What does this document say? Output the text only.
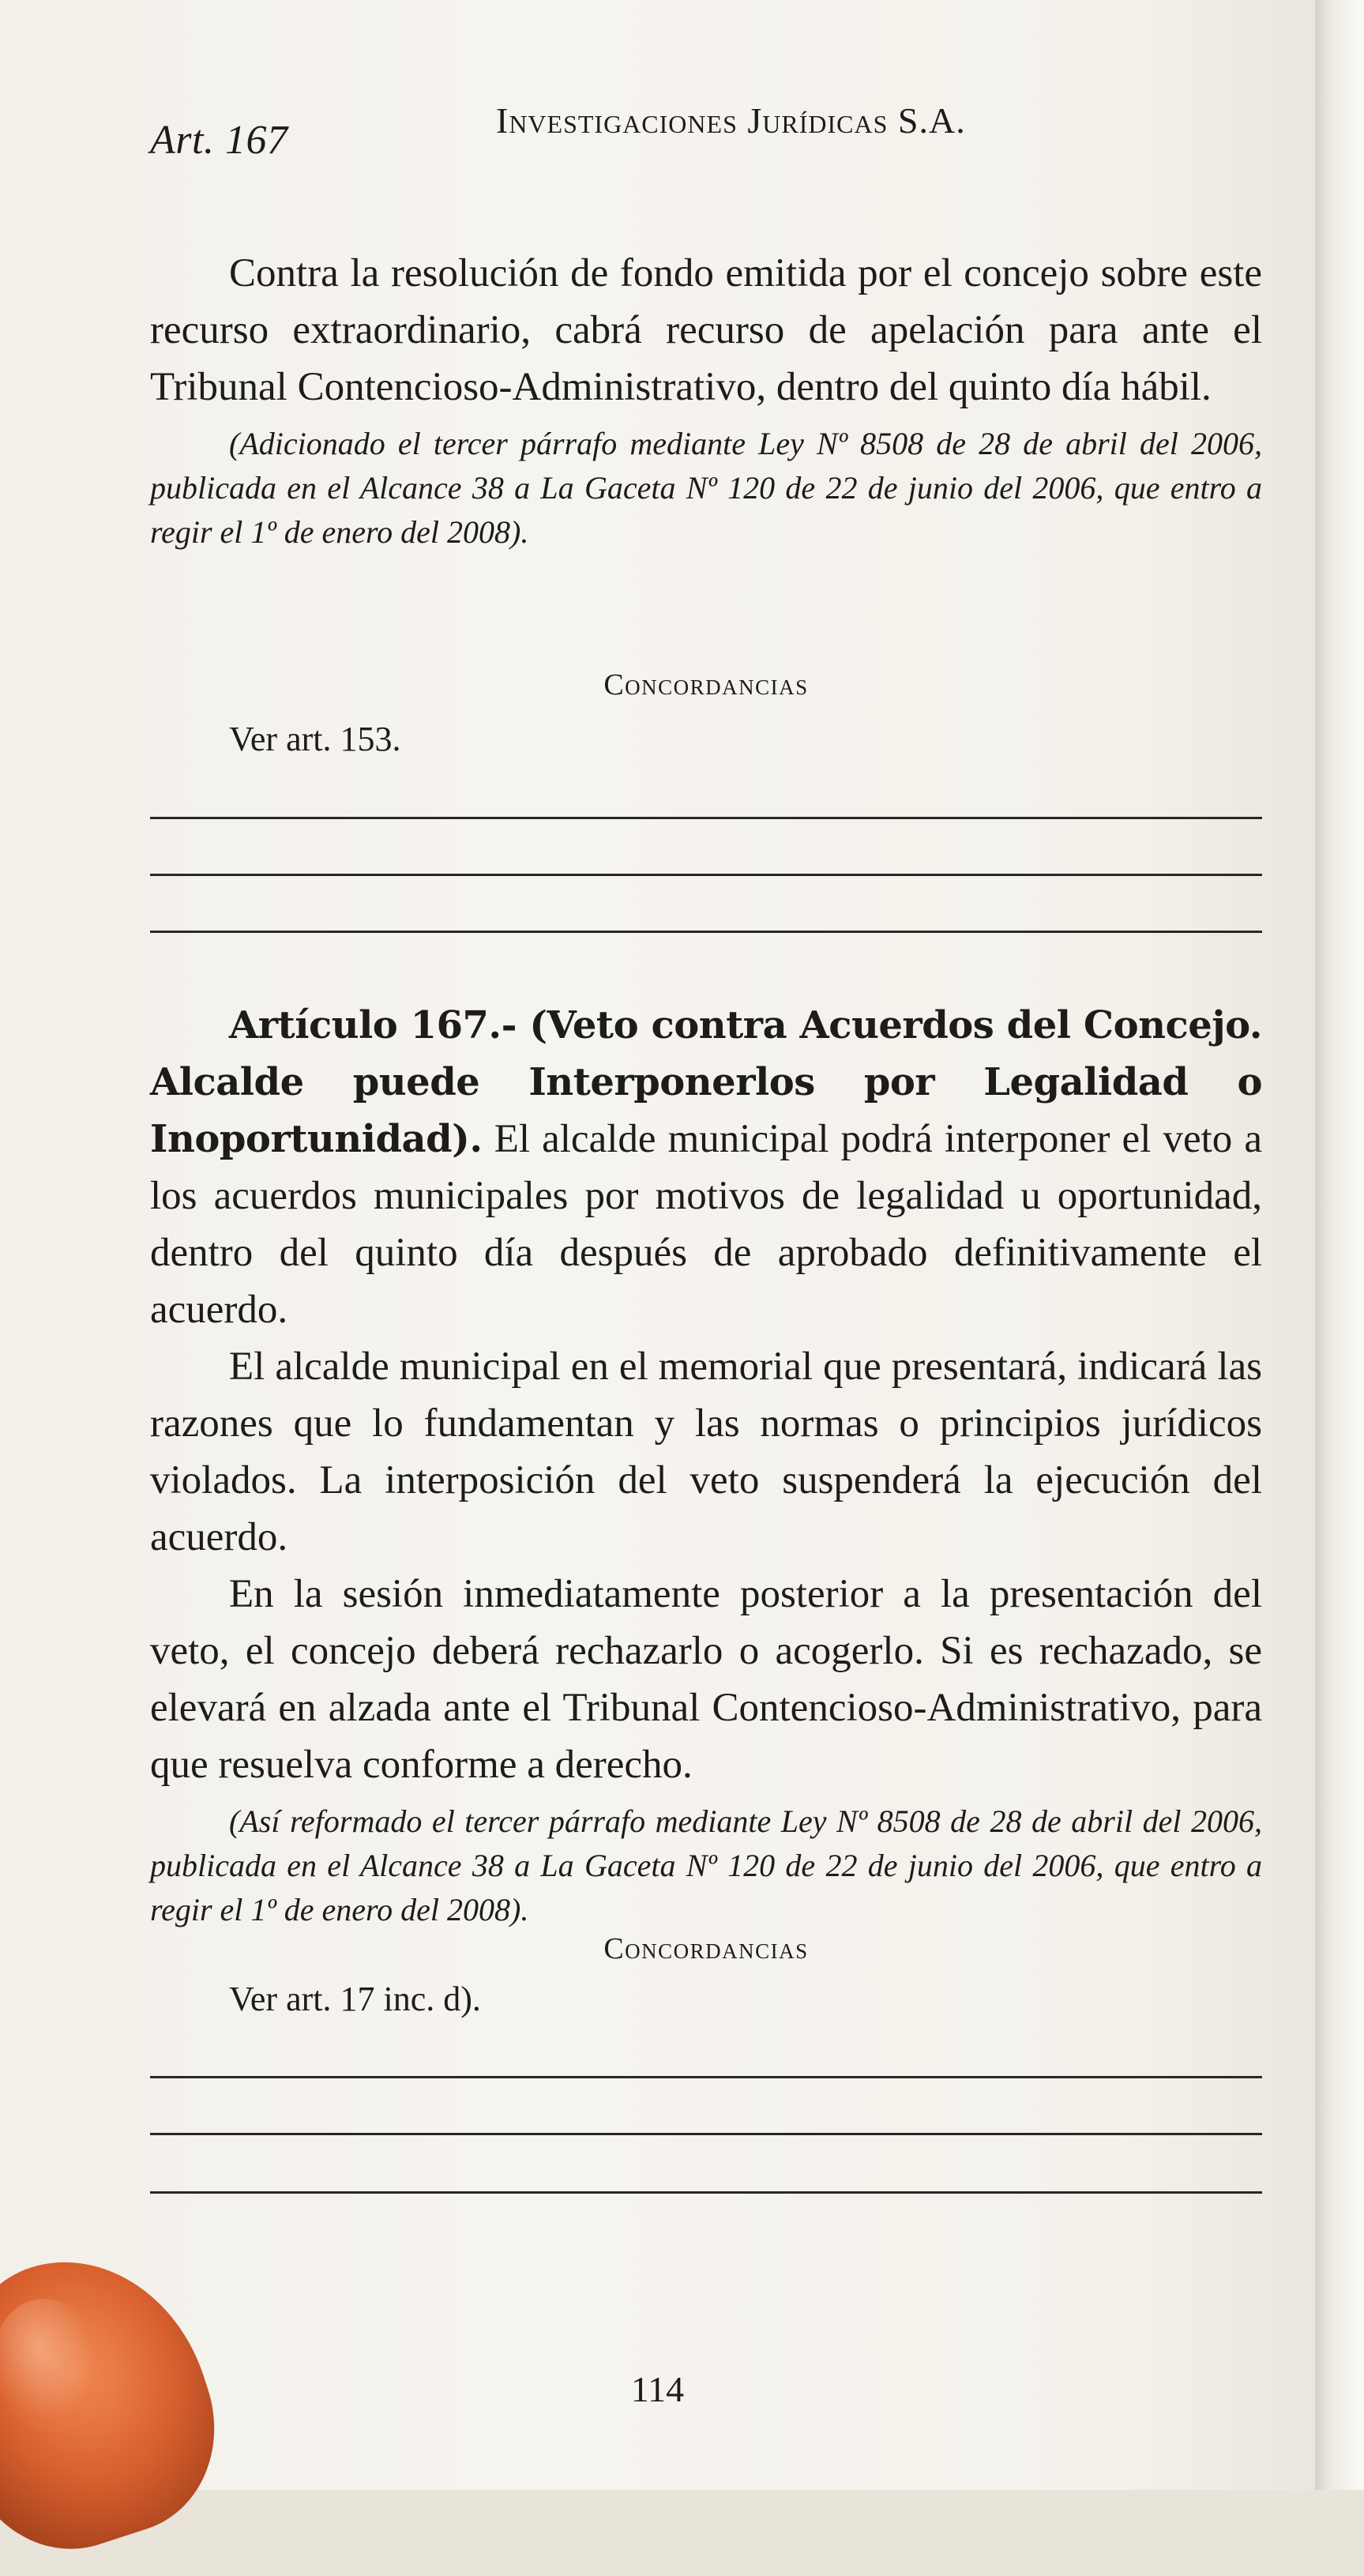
Art. 167	Investigaciones Jurídicas S.A.

Contra la resolución de fondo emitida por el concejo sobre este recurso extraordinario, cabrá recurso de apelación para ante el Tribunal Contencioso-Administrativo, dentro del quinto día hábil.

(Adicionado el tercer párrafo mediante Ley Nº 8508 de 28 de abril del 2006, publicada en el Alcance 38 a La Gaceta Nº 120 de 22 de junio del 2006, que entro a regir el 1º de enero del 2008).

Concordancias
Ver art. 153.

Artículo 167.- (Veto contra Acuerdos del Concejo. Alcalde puede Interponerlos por Legalidad o Inoportunidad). El alcalde municipal podrá interponer el veto a los acuerdos municipales por motivos de legalidad u oportunidad, dentro del quinto día después de aprobado definitivamente el acuerdo.

El alcalde municipal en el memorial que presentará, indicará las razones que lo fundamentan y las normas o principios jurídicos violados. La interposición del veto suspenderá la ejecución del acuerdo.

En la sesión inmediatamente posterior a la presentación del veto, el concejo deberá rechazarlo o acogerlo. Si es rechazado, se elevará en alzada ante el Tribunal Contencioso-Administrativo, para que resuelva conforme a derecho.

(Así reformado el tercer párrafo mediante Ley Nº 8508 de 28 de abril del 2006, publicada en el Alcance 38 a La Gaceta Nº 120 de 22 de junio del 2006, que entro a regir el 1º de enero del 2008).

Concordancias
Ver art. 17 inc. d).
114
